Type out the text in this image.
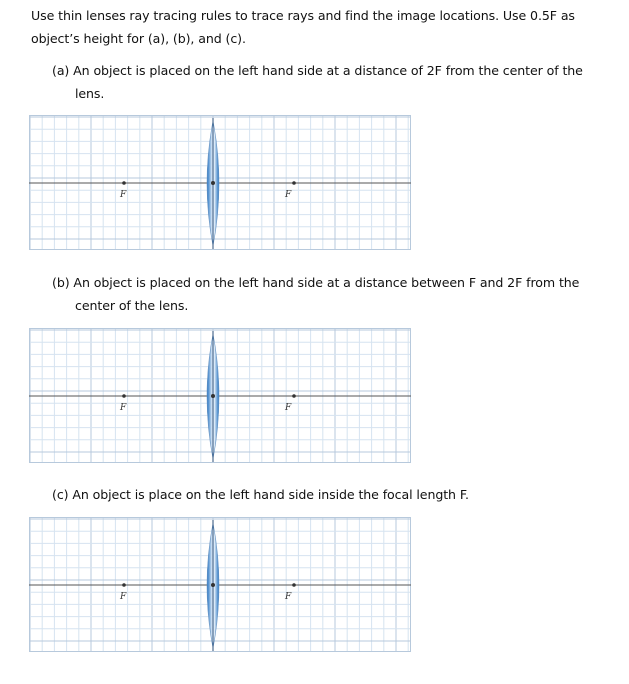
Use thin lenses ray tracing rules to trace rays and find the image locations. Use 0.5F as
object’s height for (a), (b), and (c).
(a) An object is placed on the left hand side at a distance of 2F from the center of the
lens.
F	F
(b) An object is placed on the left hand side at a distance between F and 2F from the
center of the lens.
F	F
(c) An object is place on the left hand side inside the focal length F.
F	F
